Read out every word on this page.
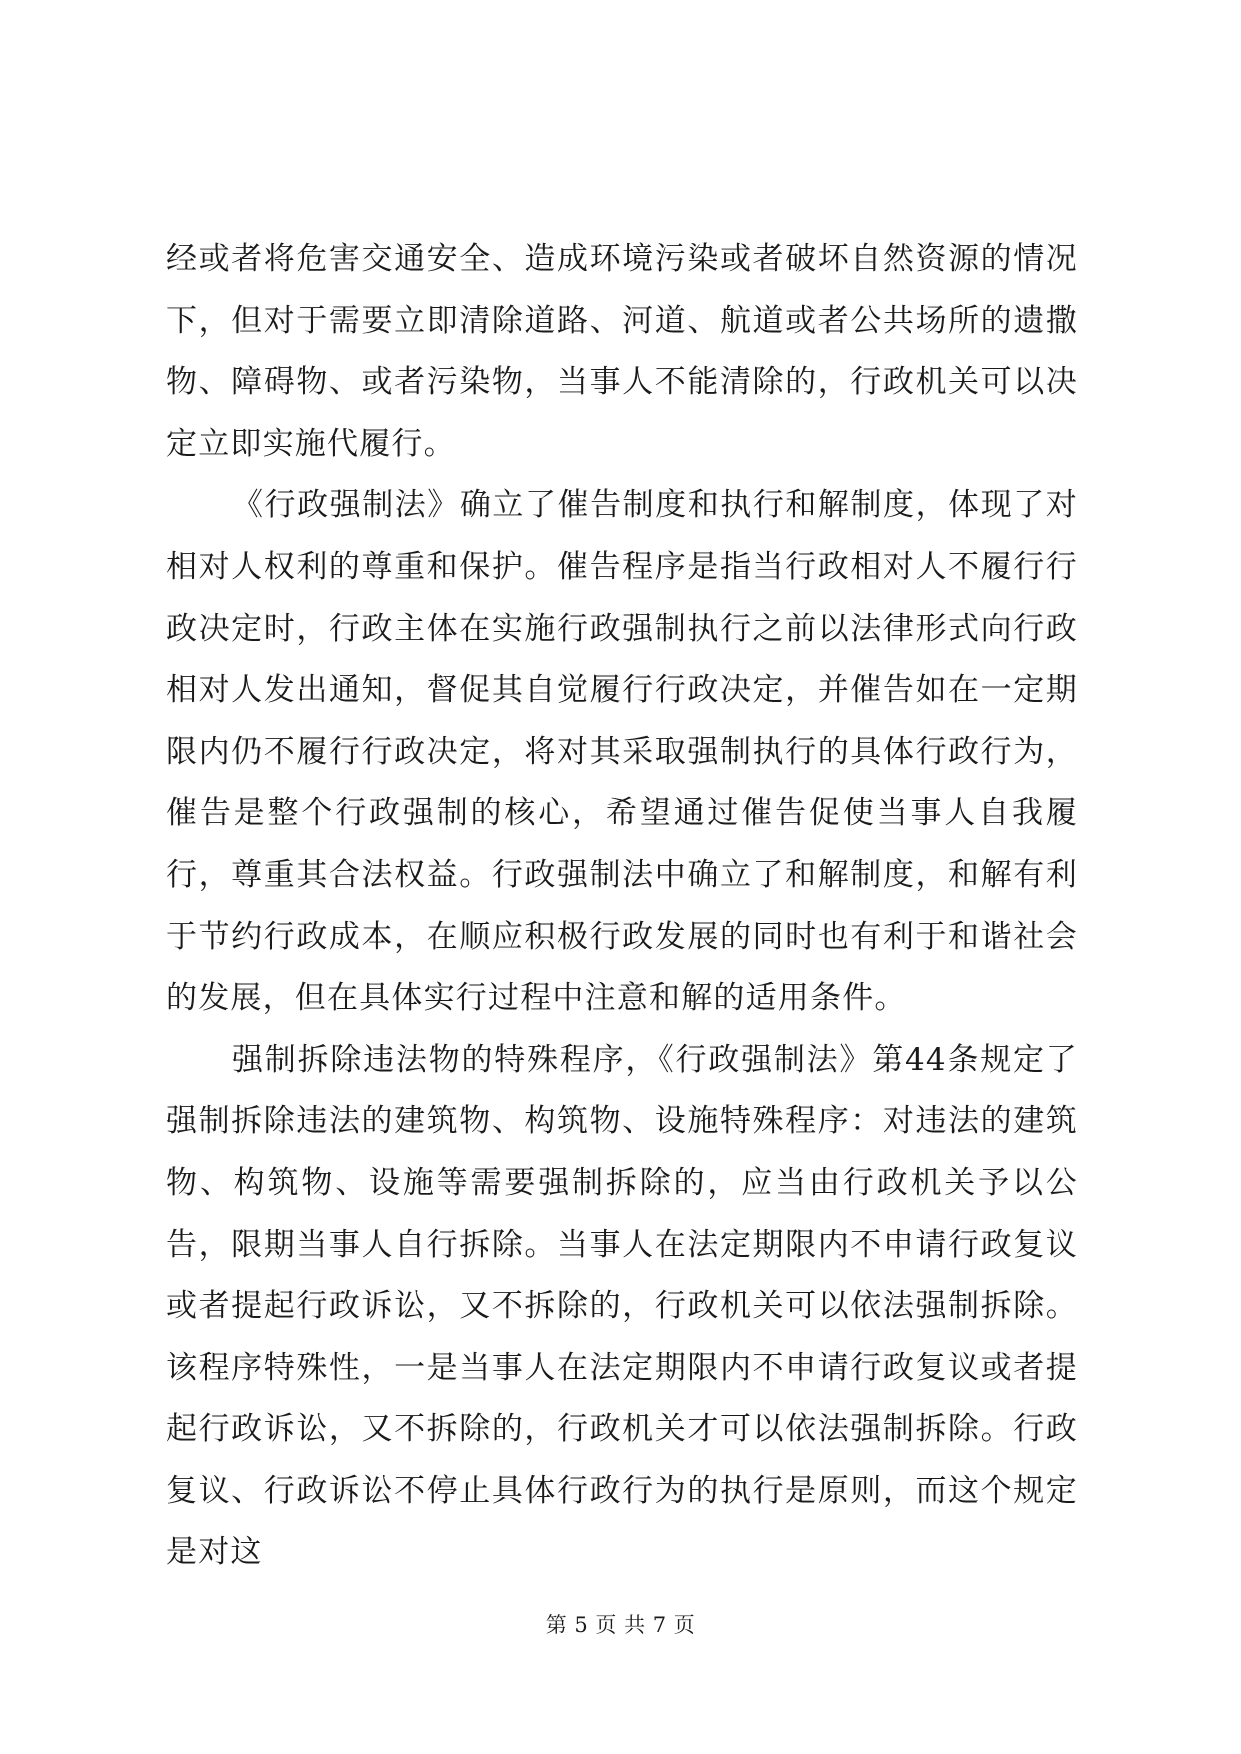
经或者将危害交通安全、造成环境污染或者破坏自然资源的情况下，但对于需要立即清除道路、河道、航道或者公共场所的遗撒物、障碍物、或者污染物，当事人不能清除的，行政机关可以决定立即实施代履行。

《行政强制法》确立了催告制度和执行和解制度，体现了对相对人权利的尊重和保护。催告程序是指当行政相对人不履行行政决定时，行政主体在实施行政强制执行之前以法律形式向行政相对人发出通知，督促其自觉履行行政决定，并催告如在一定期限内仍不履行行政决定，将对其采取强制执行的具体行政行为，催告是整个行政强制的核心，希望通过催告促使当事人自我履行，尊重其合法权益。行政强制法中确立了和解制度，和解有利于节约行政成本，在顺应积极行政发展的同时也有利于和谐社会的发展，但在具体实行过程中注意和解的适用条件。

强制拆除违法物的特殊程序，《行政强制法》第44条规定了强制拆除违法的建筑物、构筑物、设施特殊程序：对违法的建筑物、构筑物、设施等需要强制拆除的，应当由行政机关予以公告，限期当事人自行拆除。当事人在法定期限内不申请行政复议或者提起行政诉讼，又不拆除的，行政机关可以依法强制拆除。该程序特殊性，一是当事人在法定期限内不申请行政复议或者提起行政诉讼，又不拆除的，行政机关才可以依法强制拆除。行政复议、行政诉讼不停止具体行政行为的执行是原则，而这个规定是对这

第 5 页 共 7 页
